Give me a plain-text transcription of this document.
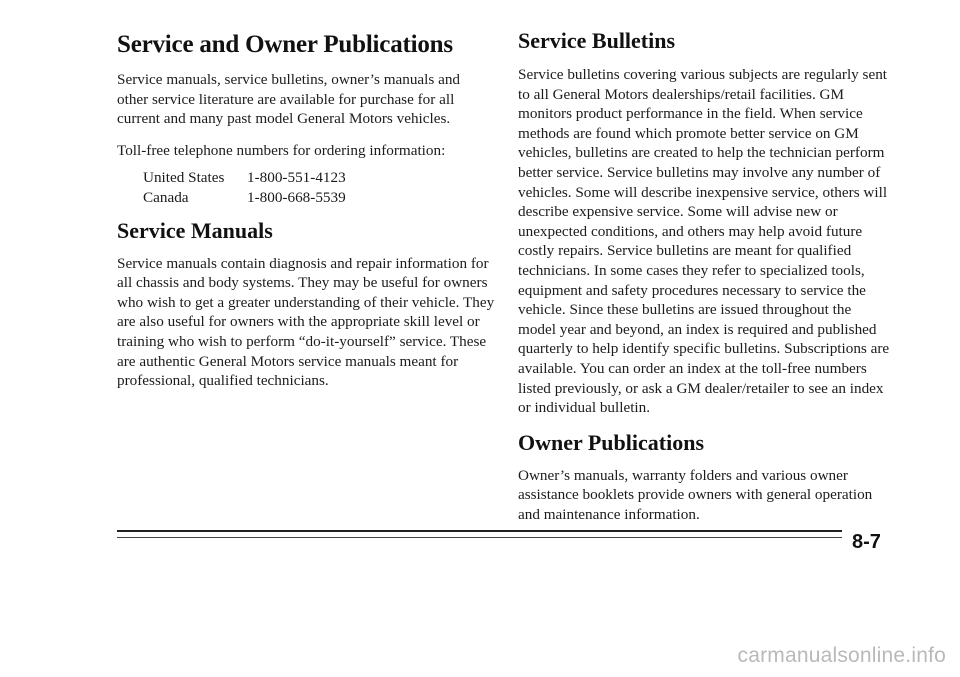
Service and Owner Publications

Service manuals, service bulletins, owner’s manuals and other service literature are available for purchase for all current and many past model General Motors vehicles.

Toll-free telephone numbers for ordering information:

United States	1-800-551-4123
Canada	1-800-668-5539
Service Manuals

Service manuals contain diagnosis and repair information for all chassis and body systems. They may be useful for owners who wish to get a greater understanding of their vehicle. They are also useful for owners with the appropriate skill level or training who wish to perform “do-it-yourself” service. These are authentic General Motors service manuals meant for professional, qualified technicians.

Service Bulletins

Service bulletins covering various subjects are regularly sent to all General Motors dealerships/retail facilities. GM monitors product performance in the field. When service methods are found which promote better service on GM vehicles, bulletins are created to help the technician perform better service. Service bulletins may involve any number of vehicles. Some will describe inexpensive service, others will describe expensive service. Some will advise new or unexpected conditions, and others may help avoid future costly repairs. Service bulletins are meant for qualified technicians. In some cases they refer to specialized tools, equipment and safety procedures necessary to service the vehicle. Since these bulletins are issued throughout the model year and beyond, an index is required and published quarterly to help identify specific bulletins. Subscriptions are available. You can order an index at the toll-free numbers listed previously, or ask a GM dealer/retailer to see an index or individual bulletin.

Owner Publications

Owner’s manuals, warranty folders and various owner assistance booklets provide owners with general operation and maintenance information.

8-7
carmanualsonline.info
